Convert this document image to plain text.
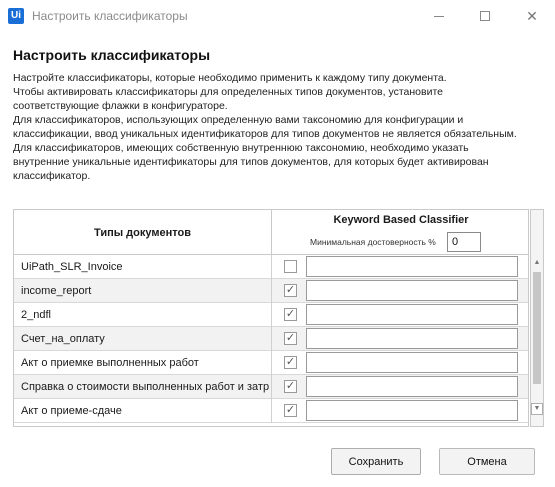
Ui Настроить классификаторы	✕
Настроить классификаторы

Настройте классификаторы, которые необходимо применить к каждому типу документа.

Чтобы активировать классификаторы для определенных типов документов, установите

соответствующие флажки в конфигураторе.

Для классификаторов, использующих определенную вами таксономию для конфигурации и

классификации, ввод уникальных идентификаторов для типов документов не является обязательным.

Для классификаторов, имеющих собственную внутреннюю таксономию, необходимо указать

внутренние уникальные идентификаторы для типов документов, для которых будет активирован

классификатор.

Типы документов
Keyword Based Classifier
Минимальная достоверность %
0
UiPath_SLR_Invoice
income_report	✓
2_ndfl	✓
Счет_на_оплату	✓
Акт о приемке выполненных работ	✓
Справка о стоимости выполненных работ и затр ✓
Акт о приеме-сдаче	✓
▲
▼
Сохранить	Отмена
